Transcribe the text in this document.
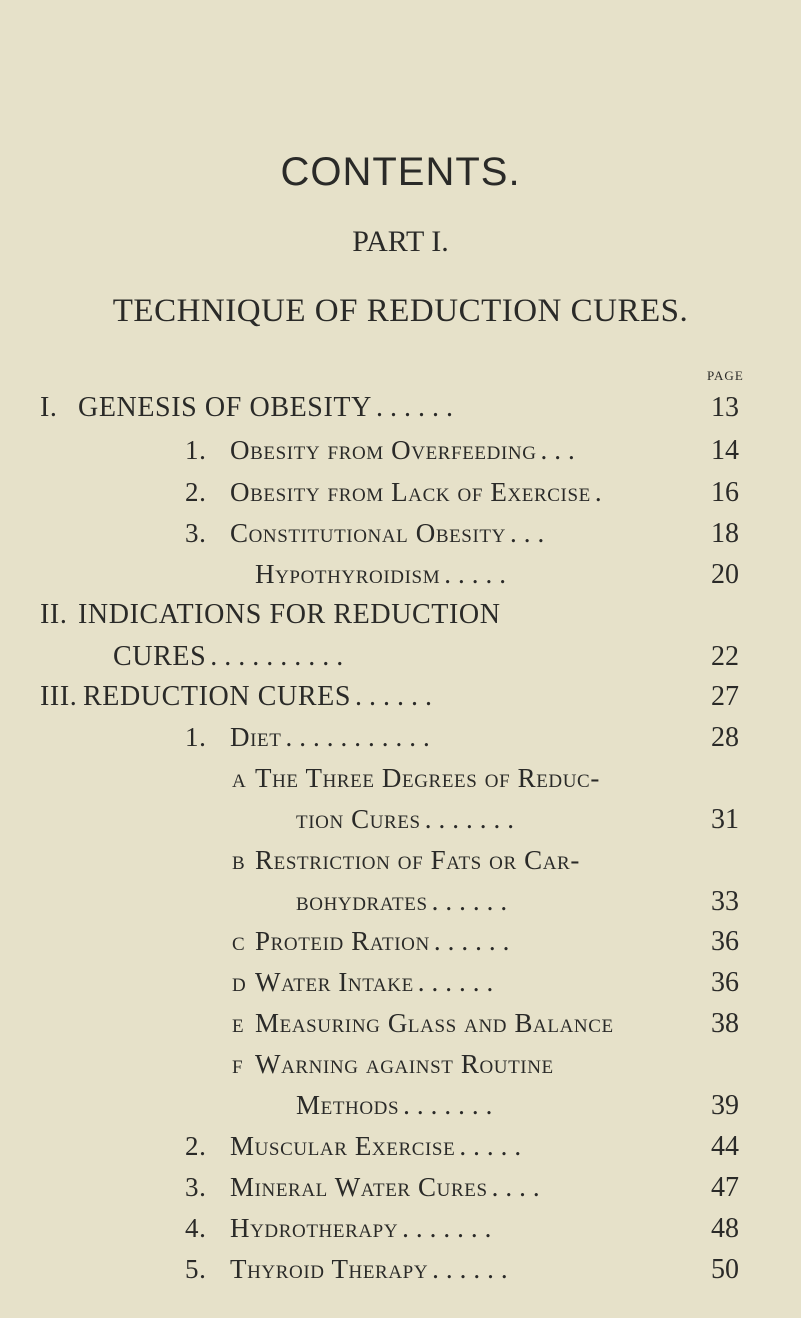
CONTENTS.
PART I.
TECHNIQUE OF REDUCTION CURES.
PAGE
I. GENESIS OF OBESITY ......	13
1. Obesity from Overfeeding ...	14
2. Obesity from Lack of Exercise .	16
3. Constitutional Obesity ...	18
Hypothyroidism .....	20
II. INDICATIONS FOR REDUCTION
CURES ..........	22
III. REDUCTION CURES ......	27
1. Diet ...........	28
a The Three Degrees of Reduc-
tion Cures .......	31
b Restriction of Fats or Car-
bohydrates ......	33
c Proteid Ration ......	36
d Water Intake ......	36
e Measuring Glass and Balance	38
f Warning against Routine
Methods .......	39
2. Muscular Exercise .....	44
3. Mineral Water Cures ....	47
4. Hydrotherapy .......	48
5. Thyroid Therapy ......	50
